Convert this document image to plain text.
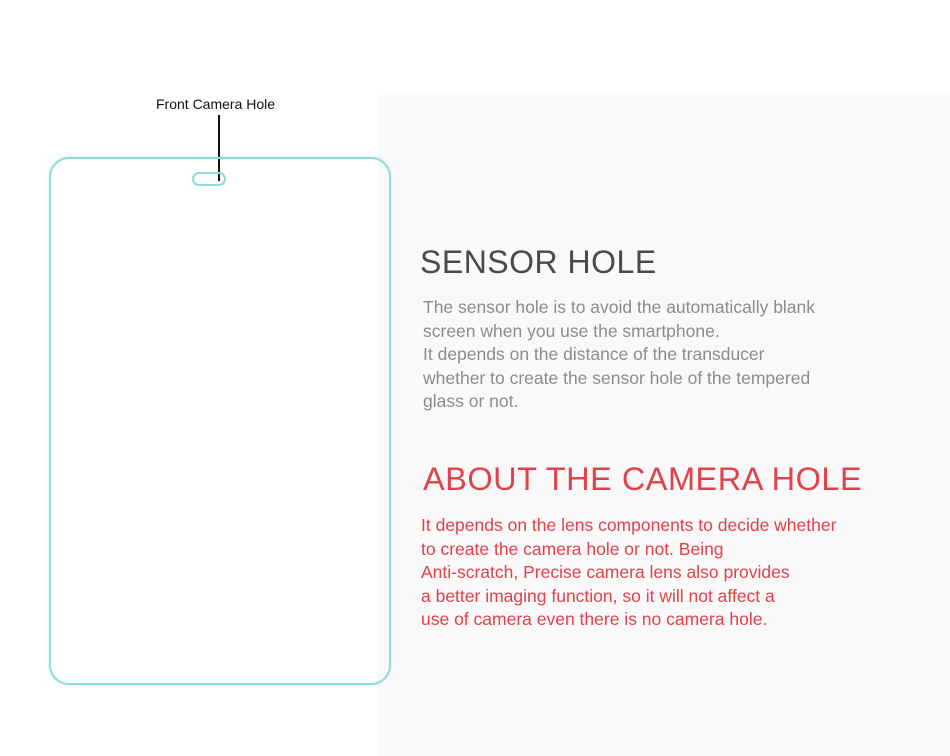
Front Camera Hole
SENSOR HOLE

The sensor hole is to avoid the automatically blank
screen when you use the smartphone.
It depends on the distance of the transducer
whether to create the sensor hole of the tempered
glass or not.

ABOUT THE CAMERA HOLE

It depends on the lens components to decide whether
to create the camera hole or not. Being
Anti-scratch, Precise camera lens also provides
a better imaging function, so it will not affect a
use of camera even there is no camera hole.
